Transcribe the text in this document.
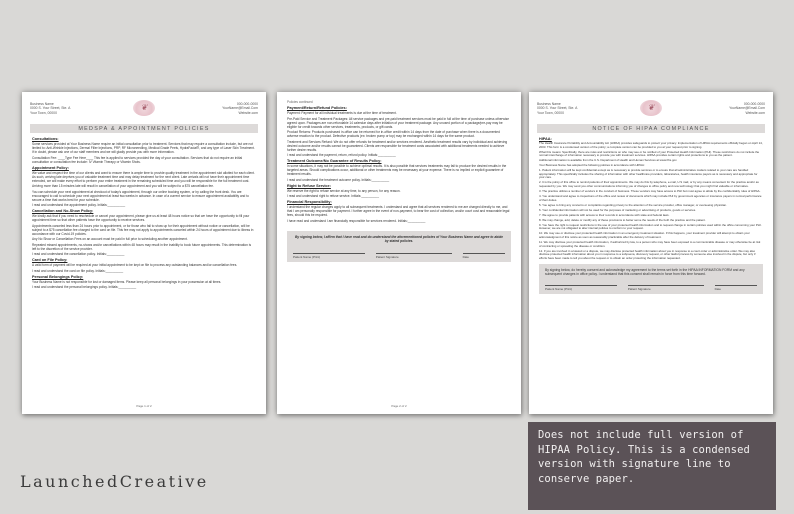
Business Name
0000 S. Your Street, Ste. A
Your Town, 00000
❦	000-000-0000
YourName@Email.Com
Website.com
MEDSPA & APPOINTMENT POLICIES
Consultations:
Some services provided at Your Business Name require an initial consultation prior to treatment. Services that may require a consultation include, but are not limited to: Anti-Wrinkle Injections, Dermal Filler Injections, PRP, RF Microneedling, Medical Grade Peels, HydraFacial®, and any type of Laser Skin Treatment. If in doubt, please ask one of our staff members and we will gladly provide you with more information.
Consultation Fee: ____Type Fee Here____ This fee is applied to services provided the day of your consultation. Services that do not require an initial consultation or consultation fee include: IV Vitamin Therapy or Vitamin Shots.
Appointment Policy:
We value and respect the time of our clients and want to ensure there is ample time to provide quality treatment in the appointment slot allotted for each client. As such, arriving late deprives you of valuable treatment time and may delay treatment for the next client. Late arrivals will not have their appointment time extended, we will make every effort to perform your entire treatment in the remaining scheduled time and you will be responsible for the full treatment cost.
Arriving more than 15 minutes late will result in cancellation of your appointment and you will be subject to a $75 cancellation fee.
You can schedule your next appointment at checkout of today's appointment, through our online booking system, or by calling the front desk. You are encouraged to call to schedule your next appointment at least two weeks in advance. In case of a current service to ensure appointment availability and to secure a time that works best for your schedule.
I read and understand the appointment policy. Initials:__________
Cancellation and No-Show Policy:
We kindly ask that if you need to reschedule or cancel your appointment, please give us at least 48 hours notice so that we have the opportunity to fill your appointment time so that other patients have the opportunity to receive services.
Appointments canceled less than 24 hours prior to appointment, or for those who fail to show up for their appointment without notice or cancellation, will be subject to a $75 cancellation fee charged to the card on file. This fee may not apply to appointments canceled within 24 hours of appointment due to illness in accordance with our Covid-19 policies.
Any No Show or Cancellation Fees on an account must be paid in full prior to scheduling another appointment.
Repeated missed appointments, no-shows and/or cancellations within 48 hours may result in the inability to book future appointments. This determination is left to the discretion of the service provider.
I read and understand the cancellation policy. Initials:__________
Card on File Policy:
A valid form of payment will be required at your initial appointment to be kept on file to process any outstanding balances and/or cancellation fees.
I read and understand the card on file policy. Initials:__________
Personal Belongings Policy:
Your Business Name is not responsible for lost or damaged items. Please keep all personal belongings in your possession at all times.
I read and understand the personal belongings policy. Initials:__________
Page 1 of 2
Policies continued
Payment/Return/Refund Policies:
Payment: Payment for all individual treatments is due at the time of treatment.
Pre-Paid Service and Treatment Packages: All service packages and pre-paid treatment services must be paid in full at the time of purchase unless otherwise agreed upon. Packages are non-refundable 14 calendar days after initiation of your treatment package. Any unused portion of a package/pre-pay may be eligible for credit towards other services, treatments, products, or gift cards.
Product Returns: Products purchased in-office can be returned for in-office credit within 14 days from the date of purchase when there is a documented adverse reaction to the product. Defective products (ex: broken pump or top) may be exchanged within 14 days for the same product.
Treatment and Services Refund: We do not offer refunds for treatment and/or services rendered. Aesthetic treatment results vary by individual and achieving desired outcome and/or results cannot be guaranteed. Clients are responsible for treatment costs associated with additional treatments needed to achieve further desire results.
I read and understand the payment, return, refund policy. Initials:__________
Treatment Outcome/No Guarantee of Results Policy:
In some situations, it may not be possible to achieve optimal results. It is also possible that services treatments may fail to produce the desired results in the targeted areas. Should complications occur, additional or other treatments may be necessary at your expense. There is no implied or explicit guarantee of treatment results.
I read and understand the treatment outcome policy. Initials:__________
Right to Refuse Service:
We reserve the right to refuse service at any time, to any person, for any reason.
I read and understand right to refuse service. Initials:__________
Financial Responsibility:
I understand the regular charges apply to all subsequent treatments. I understand and agree that all services rendered to me are charged directly to me, and that I am personally responsible for payment. I further agree in the event of non-payment, to bear the cost of collection, and/or court cost and reasonable legal fees, should this be required.
I have read and understand I am financially responsible for services rendered. Initials:__________
By signing below, I affirm that I have read and do understand the aforementioned policies of Your Business Name and agree to abide by stated policies.
Patient Name (Print)	Patient Signature	Date
Page 2 of 2
Business Name
0000 S. Your Street, Ste. A
Your Town, 00000
❦	000-000-0000
YourName@Email.Com
Website.com
NOTICE OF HIPAA COMPLIANCE
HIPAA:
The Health Insurance Portability and Accountability Act (HIPAA) provides safeguards to protect your privacy. Implementation of HIPAA requirements officially began on April 14, 2003. This form is a condensed version of the policy; a complete version can be provided to you at your request prior to signing.
What this means: Specifically, there are rules and restrictions on who may see or be notified of your Protected Health Information (PHI). These restrictions do not include the normal interchange of information necessary to provide you with treatment services. HIPAA provides certain rights and protections to you as the patient.
Additional information is available from the U.S. Department of Health and Human Services at www.hhs.gov
Your Business Name has adopted the following policies in accordance with HIPAA:
1. Patient information will be kept confidential except as is necessary to provide services or to ensure that all administrative matters related to your care are handled appropriately. This specifically includes the sharing of information with other healthcare providers, laboratories, health insurance payers as is necessary and appropriate for your care.
2. It is the policy of this office to remind patients of their appointments. We may do this by telephone, e-mail, U.S mail, or by any means convenient for the practice and/or as requested by you. We may send you other communications informing you of changes to office policy and new technology that you might find valuable or informative.
3. The practice utilizes a number of vendors in the conduct of business. These vendors may have access to PHI but must agree to abide by the confidentiality rules of HIPAA.
4. You understand and agree to inspections of the office and review of documents which may include PHI by government agencies or insurance payers in normal performance of their duties.
5. You agree to bring any concerns or complaints regarding privacy to the attention of the service provider, office manager, or overseeing physician.
6. Your confidential information will not be used for the purposes of marketing or advertising of products, goods or services.
7. We agree to provide patients with access to their records in accordance with state and federal laws.
8. We may change, add, delete or modify any of these provisions to better serve the needs of the both the practice and the patient.
9. You have the right to request restrictions in the use of your protected health information and to request change in certain policies used within the office concerning your PHI. However, we are not obligated to alter internal policies to conform to your request.
10. We may use or disclose your protected health information in an emergency treatment situation. If this happens, your treatment provider will attempt to obtain your acknowledgment of this notice as soon as reasonably practicable after the delivery of treatment.
11. We may disclose your protected health information, if authorized by law, to a person who may have been exposed to a communicable disease or may otherwise be at risk of contracting or spreading the disease or condition.
12. If you are involved in a lawsuit or a dispute, we may disclose protected health information about you in response to a court order or administrative order. We may also disclose protected health information about you in response to a subpoena, discovery request, or other lawful process by someone else involved in the dispute, but only if efforts have been made to tell you about the request or to obtain an order protecting the information requested.
By signing below, do hereby consent and acknowledge my agreement to the terms set forth in the HIPAA INFORMATION FORM and any subsequent changes in office policy. I understand that this consent shall remain in force from this time forward.
Patient Name (Print)	Patient Signature	Date
Does not include full version of HIPAA Policy. This is a condensed version with signature line to conserve paper.
LaunchedCreative
